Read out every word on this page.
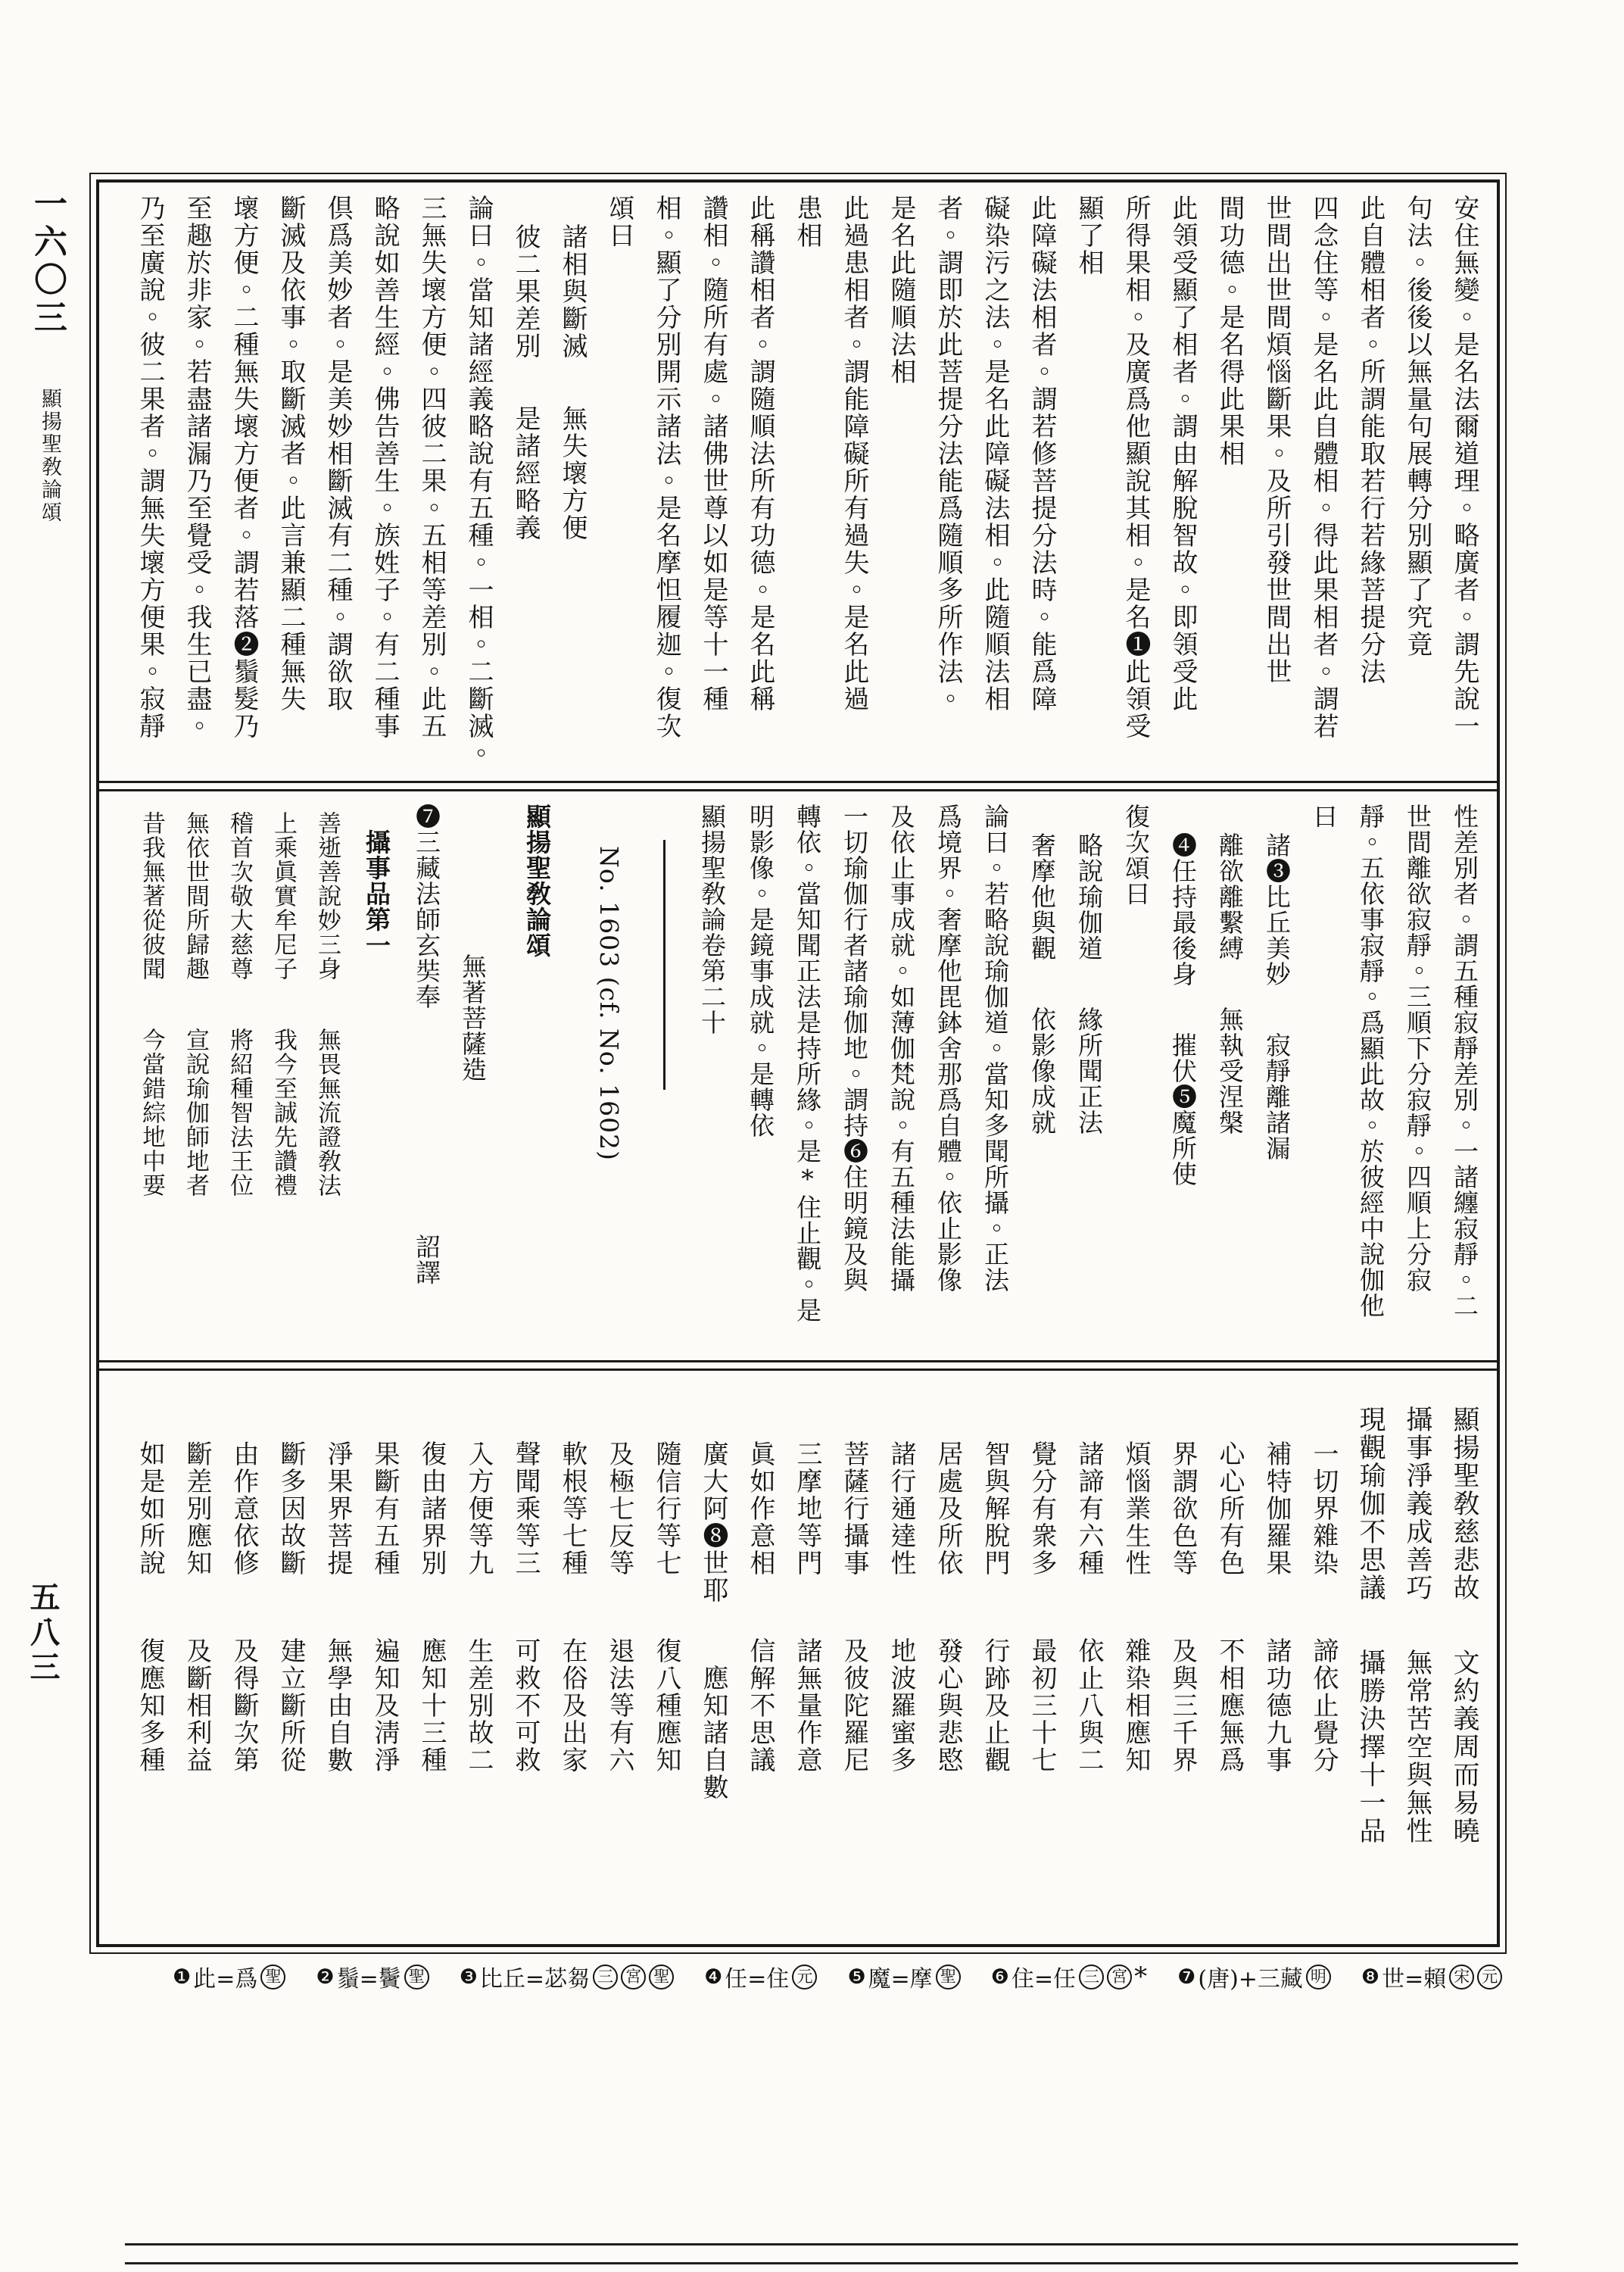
一六〇三
顯揚聖敎論頌
五八三
安住無變。是名法爾道理。略廣者。謂先說一
句法。後後以無量句展轉分別顯了究竟
此自體相者。所謂能取若行若緣菩提分法
四念住等。是名此自體相。得此果相者。謂若
世間出世間煩惱斷果。及所引發世間出世
間功德。是名得此果相
此領受顯了相者。謂由解脫智故。即領受此
所得果相。及廣爲他顯說其相。是名❶此領受
顯了相
此障礙法相者。謂若修菩提分法時。能爲障
礙染污之法。是名此障礙法相。此隨順法相
者。謂即於此菩提分法能爲隨順多所作法。
是名此隨順法相
此過患相者。謂能障礙所有過失。是名此過
患相
此稱讚相者。謂隨順法所有功德。是名此稱
讚相。隨所有處。諸佛世尊以如是等十一種
相。顯了分別開示諸法。是名摩怛履迦。復次
頌曰
諸相與斷滅無失壞方便
彼二果差別是諸經略義
論曰。當知諸經義略說有五種。一相。二斷滅。
三無失壞方便。四彼二果。五相等差別。此五
略說如善生經。佛告善生。族姓子。有二種事
倶爲美妙者。是美妙相斷滅有二種。謂欲取
斷滅及依事。取斷滅者。此言兼顯二種無失
壞方便。二種無失壞方便者。謂若落❷鬚髮乃
至趣於非家。若盡諸漏乃至覺受。我生已盡。
乃至廣說。彼二果者。謂無失壞方便果。寂靜
性差別者。謂五種寂靜差別。一諸纏寂靜。二
世間離欲寂靜。三順下分寂靜。四順上分寂
靜。五依事寂靜。爲顯此故。於彼經中說伽他
曰
諸❸比丘美妙寂靜離諸漏
離欲離繫縛無執受涅槃
❹任持最後身摧伏❺魔所使
復次頌曰
略說瑜伽道緣所聞正法
奢摩他與觀依影像成就
論曰。若略說瑜伽道。當知多聞所攝。正法
爲境界。奢摩他毘鉢舍那爲自體。依止影像
及依止事成就。如薄伽梵說。有五種法能攝
一切瑜伽行者諸瑜伽地。謂持❻住明鏡及與
轉依。當知聞正法是持所緣。是*住止觀。是
明影像。是鏡事成就。是轉依
顯揚聖敎論卷第二十
No. 1603 (cf. No. 1602)
顯揚聖敎論頌
無著菩薩造
❼三藏法師玄奘奉詔譯
攝事品第一
善逝善說妙三身無畏無流證敎法
上乘眞實牟尼子我今至誠先讚禮
稽首次敬大慈尊將紹種智法王位
無依世間所歸趣宣說瑜伽師地者
昔我無著從彼聞今當錯綜地中要
顯揚聖敎慈悲故文約義周而易曉
攝事淨義成善巧無常苦空與無性
現觀瑜伽不思議攝勝決擇十一品
一切界雜染諦依止覺分
補特伽羅果諸功德九事
心心所有色不相應無爲
界謂欲色等及與三千界
煩惱業生性雜染相應知
諸諦有六種依止八與二
覺分有衆多最初三十七
智與解脫門行跡及止觀
居處及所依發心與悲愍
諸行通達性地波羅蜜多
菩薩行攝事及彼陀羅尼
三摩地等門諸無量作意
眞如作意相信解不思議
廣大阿❽世耶應知諸自數
隨信行等七復八種應知
及極七反等退法等有六
軟根等七種在俗及出家
聲聞乘等三可救不可救
入方便等九生差別故二
復由諸界別應知十三種
果斷有五種遍知及淸淨
淨果界菩提無學由自數
斷多因故斷建立斷所從
由作意依修及得斷次第
斷差別應知及斷相利益
如是如所說復應知多種
❶ 此=爲 聖 ❷ 鬚=鬢 聖 ❸ 比丘=苾芻 三 宮 聖 ❹ 任=住 元 ❺ 魔=摩 聖 ❻ 住=任 三 宮 * ❼ (唐)+三藏 明 ❽ 世=賴 宋 元
